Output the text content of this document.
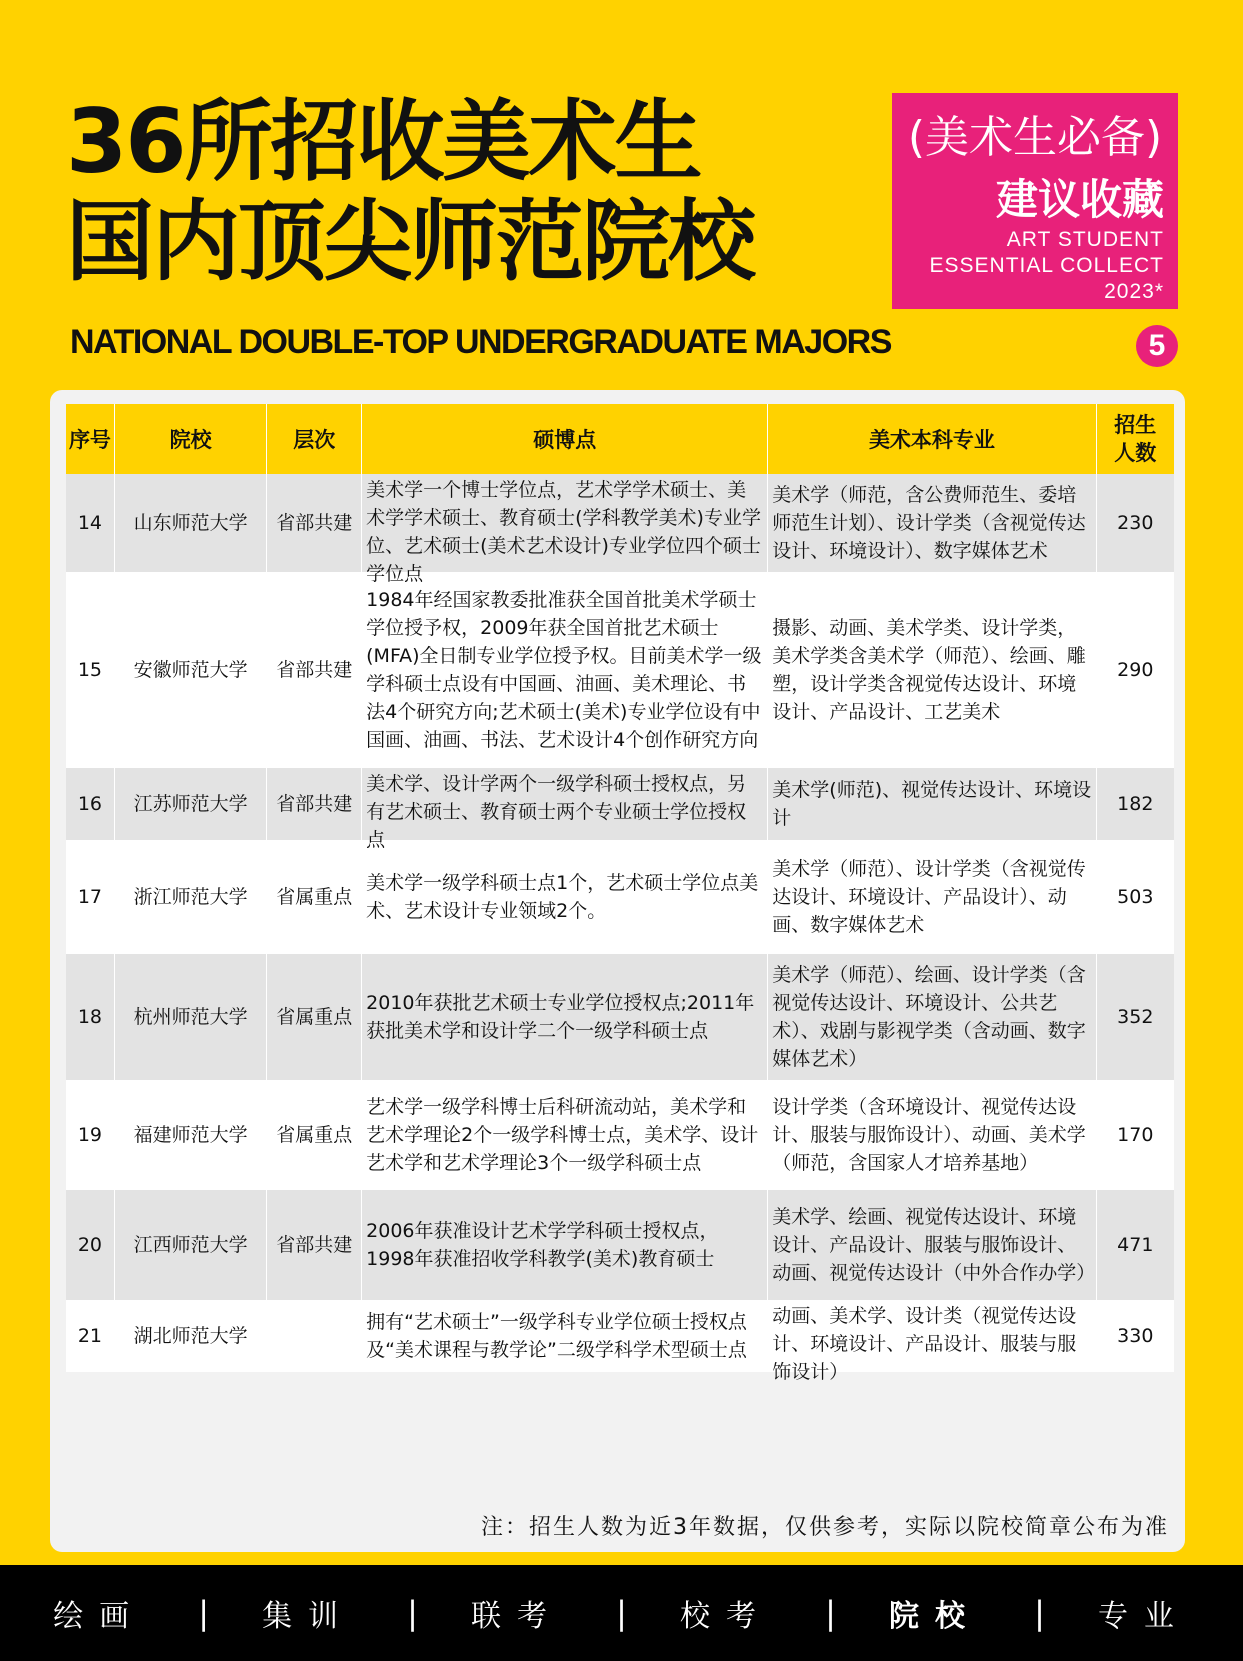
36所招收美术生
国内顶尖师范院校
NATIONAL DOUBLE-TOP UNDERGRADUATE MAJORS
(美术生必备)
建议收藏
ART STUDENT
ESSENTIAL COLLECT
2023*
5
序号	院校	层次	硕博点	美术本科专业	招生
人数

14	山东师范大学	省部共建	美术学一个博士学位点，艺术学学术硕士、美术学学术硕士、教育硕士(学科教学美术)专业学位、艺术硕士(美术艺术设计)专业学位四个硕士学位点	美术学（师范，含公费师范生、委培师范生计划）、设计学类（含视觉传达设计、环境设计）、数字媒体艺术	230

15	安徽师范大学	省部共建	1984年经国家教委批准获全国首批美术学硕士学位授予权，2009年获全国首批艺术硕士(MFA)全日制专业学位授予权。目前美术学一级学科硕士点设有中国画、油画、美术理论、书法4个研究方向;艺术硕士(美术)专业学位设有中国画、油画、书法、艺术设计4个创作研究方向	摄影、动画、美术学类、设计学类，美术学类含美术学（师范）、绘画、雕塑，设计学类含视觉传达设计、环境设计、产品设计、工艺美术	290

16	江苏师范大学	省部共建	美术学、设计学两个一级学科硕士授权点，另有艺术硕士、教育硕士两个专业硕士学位授权点	美术学(师范)、视觉传达设计、环境设计	182

17	浙江师范大学	省属重点	美术学一级学科硕士点1个，艺术硕士学位点美术、艺术设计专业领域2个。	美术学（师范）、设计学类（含视觉传达设计、环境设计、产品设计）、动画、数字媒体艺术	503

18	杭州师范大学	省属重点	2010年获批艺术硕士专业学位授权点;2011年获批美术学和设计学二个一级学科硕士点	美术学（师范）、绘画、设计学类（含视觉传达设计、环境设计、公共艺术）、戏剧与影视学类（含动画、数字媒体艺术）	352

19	福建师范大学	省属重点	艺术学一级学科博士后科研流动站，美术学和艺术学理论2个一级学科博士点，美术学、设计艺术学和艺术学理论3个一级学科硕士点	设计学类（含环境设计、视觉传达设计、服装与服饰设计）、动画、美术学（师范，含国家人才培养基地）	170

20	江西师范大学	省部共建	2006年获准设计艺术学学科硕士授权点，1998年获准招收学科教学(美术)教育硕士	美术学、绘画、视觉传达设计、环境设计、产品设计、服装与服饰设计、动画、视觉传达设计（中外合作办学）	471

21	湖北师范大学		拥有“艺术硕士”一级学科专业学位硕士授权点及“美术课程与教学论”二级学科学术型硕士点	动画、美术学、设计类（视觉传达设计、环境设计、产品设计、服装与服饰设计）	330
注：招生人数为近3年数据，仅供参考，实际以院校简章公布为准
绘画	|	集训	|	联考	|	校考	|	院校	|	专业
